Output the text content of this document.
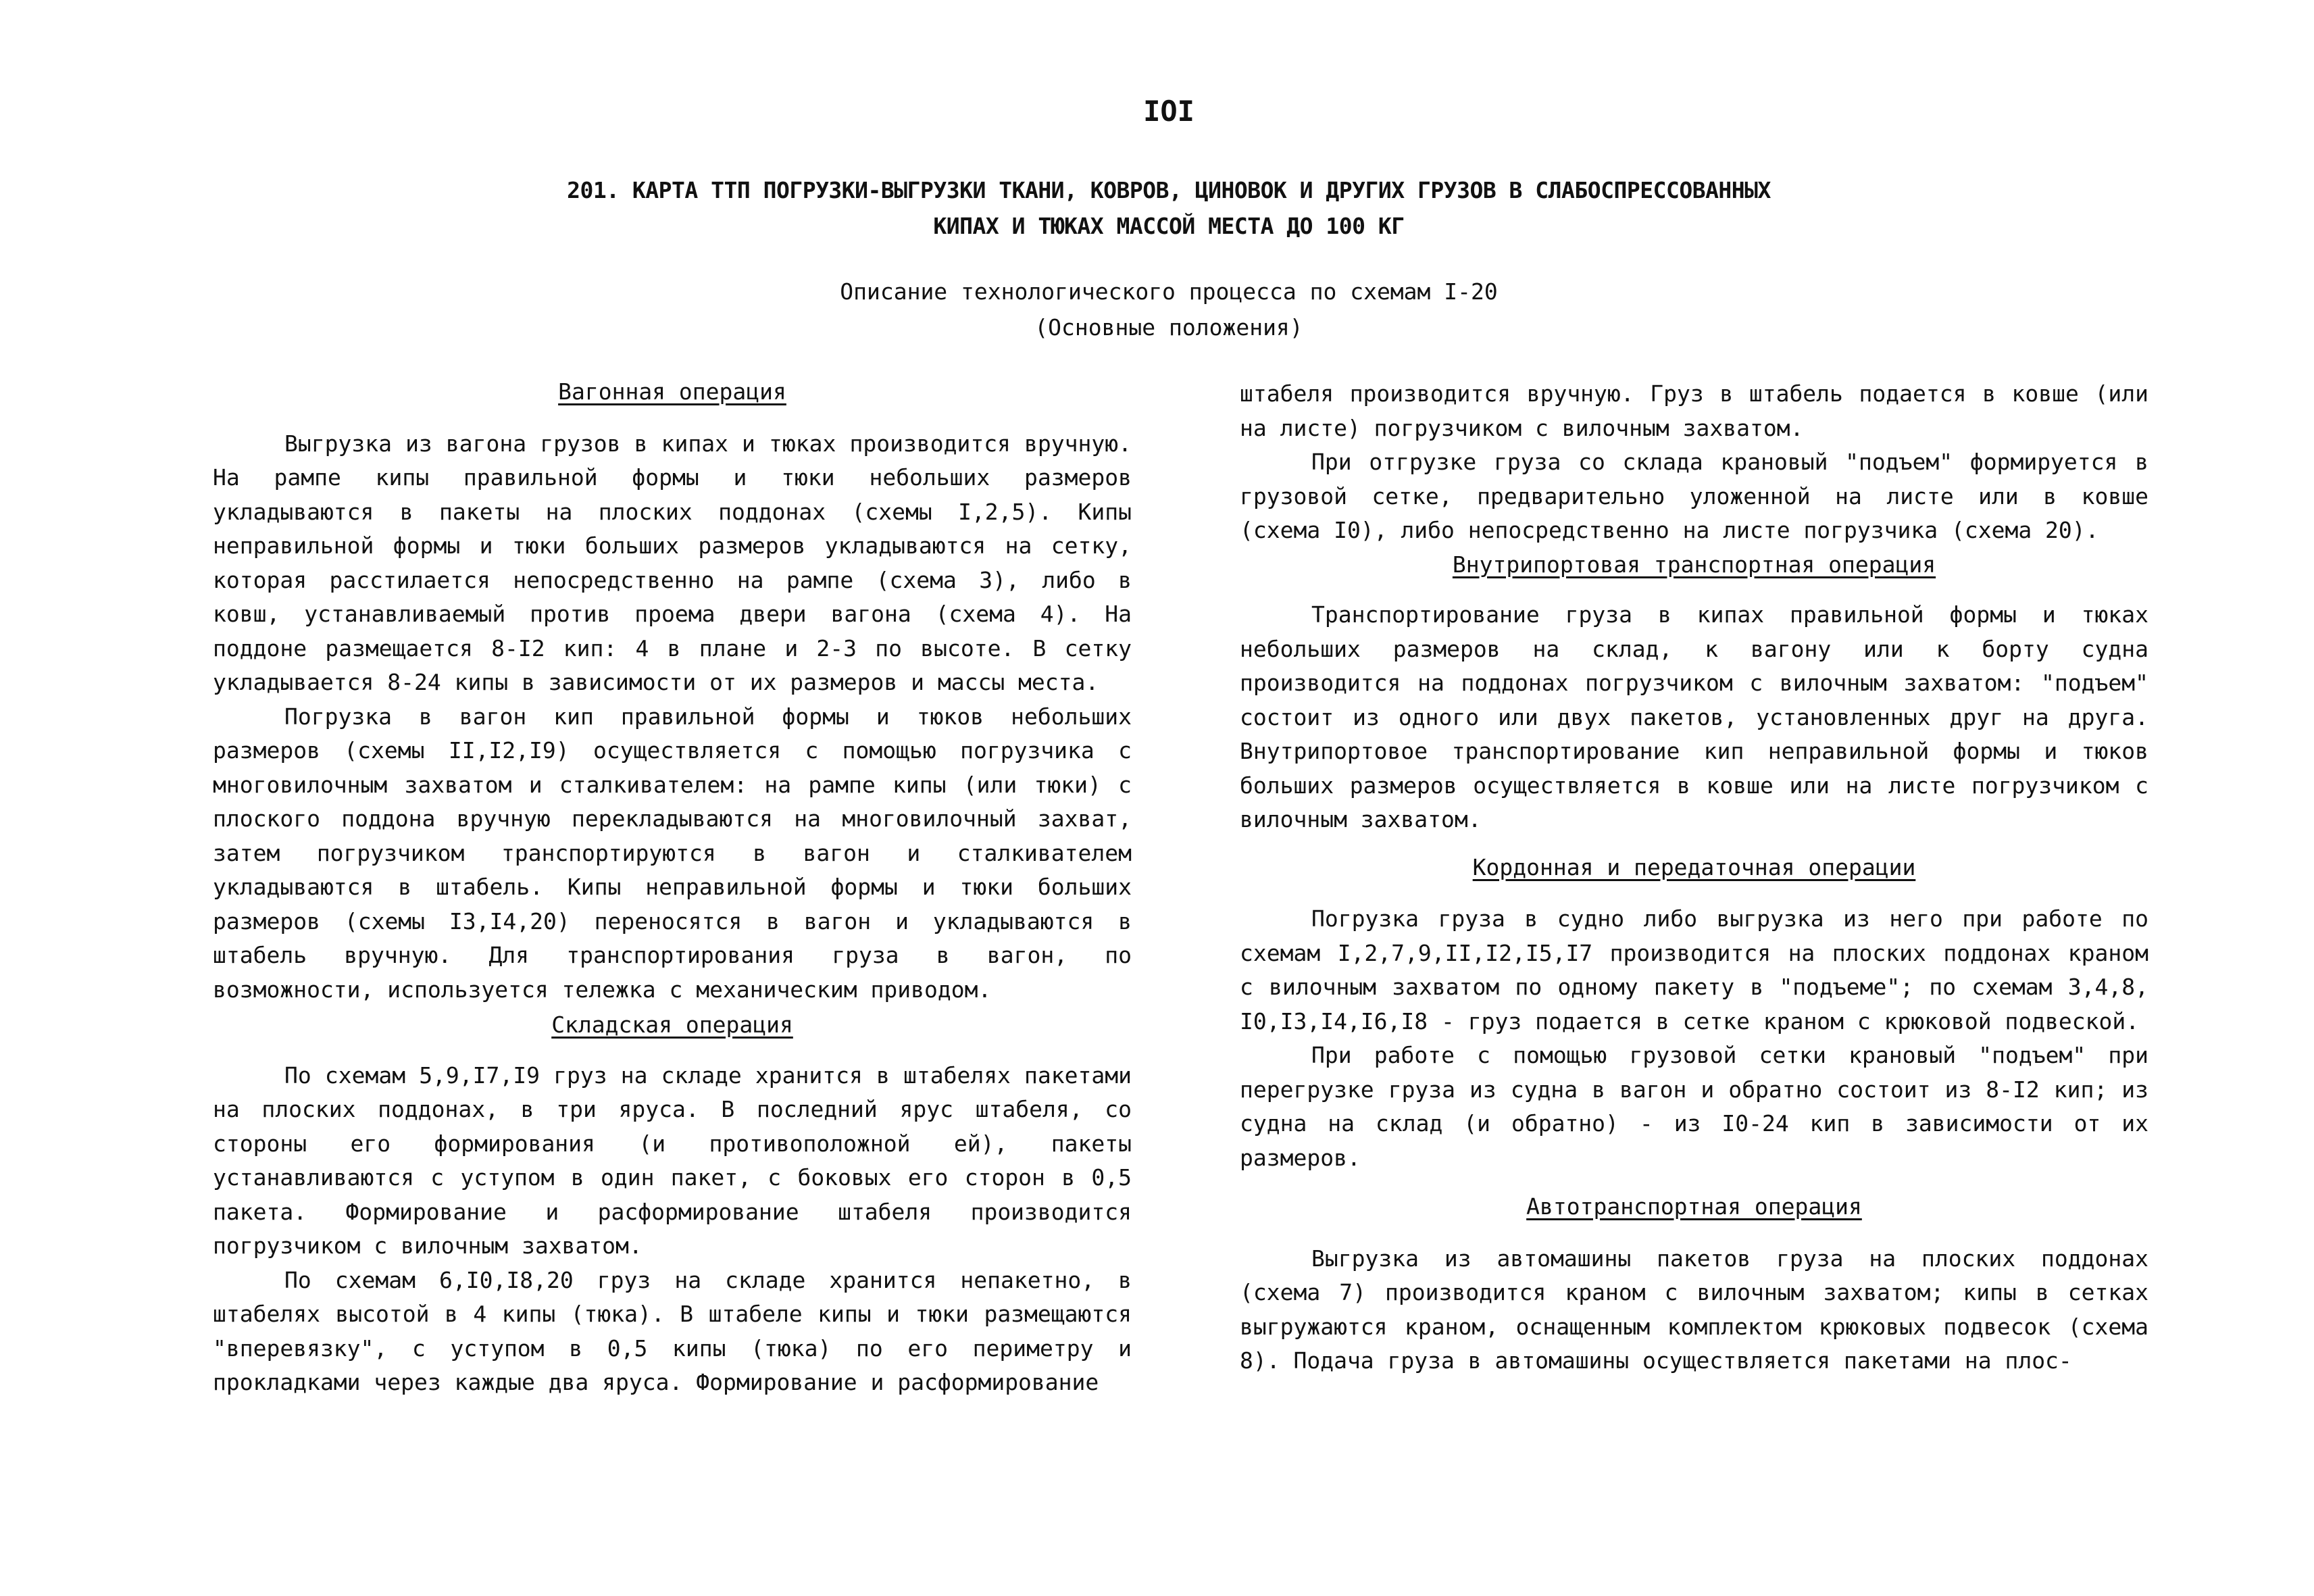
IOI
201. КАРТА ТТП ПОГРУЗКИ-ВЫГРУЗКИ ТКАНИ, КОВРОВ, ЦИНОВОК И ДРУГИХ ГРУЗОВ В СЛАБОСПРЕССОВАННЫХ
КИПАХ И ТЮКАХ МАССОЙ МЕСТА ДО 100 КГ
Описание технологического процесса по схемам I-20
(Основные положения)

Вагонная операция

Выгрузка из вагона грузов в кипах и тюках производится вручную. На рампе кипы правильной формы и тюки небольших размеров укладываются в пакеты на плоских поддонах (схемы I,2,5). Кипы неправильной формы и тюки больших размеров укладываются на сетку, которая расстилается непосредственно на рампе (схема 3), либо в ковш, устанавливаемый против проема двери вагона (схема 4). На поддоне размещается 8-I2 кип: 4 в плане и 2-3 по высоте. В сетку укладывается 8-24 кипы в зависимости от их размеров и массы места.

Погрузка в вагон кип правильной формы и тюков небольших размеров (схемы II,I2,I9) осуществляется с помощью погрузчика с многовилочным захватом и сталкивателем: на рампе кипы (или тюки) с плоского поддона вручную перекладываются на многовилочный захват, затем погрузчиком транспортируются в вагон и сталкивателем укладываются в штабель. Кипы неправильной формы и тюки больших размеров (схемы I3,I4,20) переносятся в вагон и укладываются в штабель вручную. Для транспортирования груза в вагон, по возможности, используется тележка с механическим приводом.

Складская операция

По схемам 5,9,I7,I9 груз на складе хранится в штабелях пакетами на плоских поддонах, в три яруса. В последний ярус штабеля, со стороны его формирования (и противоположной ей), пакеты устанавливаются с уступом в один пакет, с боковых его сторон в 0,5 пакета. Формирование и расформирование штабеля производится погрузчиком с вилочным захватом.

По схемам 6,I0,I8,20 груз на складе хранится непакетно, в штабелях высотой в 4 кипы (тюка). В штабеле кипы и тюки размещаются "вперевязку", с уступом в 0,5 кипы (тюка) по его периметру и прокладками через каждые два яруса. Формирование и расформирование

штабеля производится вручную. Груз в штабель подается в ковше (или на листе) погрузчиком с вилочным захватом.

При отгрузке груза со склада крановый "подъем" формируется в грузовой сетке, предварительно уложенной на листе или в ковше (схема I0), либо непосредственно на листе погрузчика (схема 20).

Внутрипортовая транспортная операция

Транспортирование груза в кипах правильной формы и тюках небольших размеров на склад, к вагону или к борту судна производится на поддонах погрузчиком с вилочным захватом: "подъем" состоит из одного или двух пакетов, установленных друг на друга. Внутрипортовое транспортирование кип неправильной формы и тюков больших размеров осуществляется в ковше или на листе погрузчиком с вилочным захватом.

Кордонная и передаточная операции

Погрузка груза в судно либо выгрузка из него при работе по схемам I,2,7,9,II,I2,I5,I7 производится на плоских поддонах краном с вилочным захватом по одному пакету в "подъеме"; по схемам 3,4,8, I0,I3,I4,I6,I8 - груз подается в сетке краном с крюковой подвеской.

При работе с помощью грузовой сетки крановый "подъем" при перегрузке груза из судна в вагон и обратно состоит из 8-I2 кип; из судна на склад (и обратно) - из I0-24 кип в зависимости от их размеров.

Автотранспортная операция

Выгрузка из автомашины пакетов груза на плоских поддонах (схема 7) производится краном с вилочным захватом; кипы в сетках выгружаются краном, оснащенным комплектом крюковых подвесок (схема 8). Подача груза в автомашины осуществляется пакетами на плос-
